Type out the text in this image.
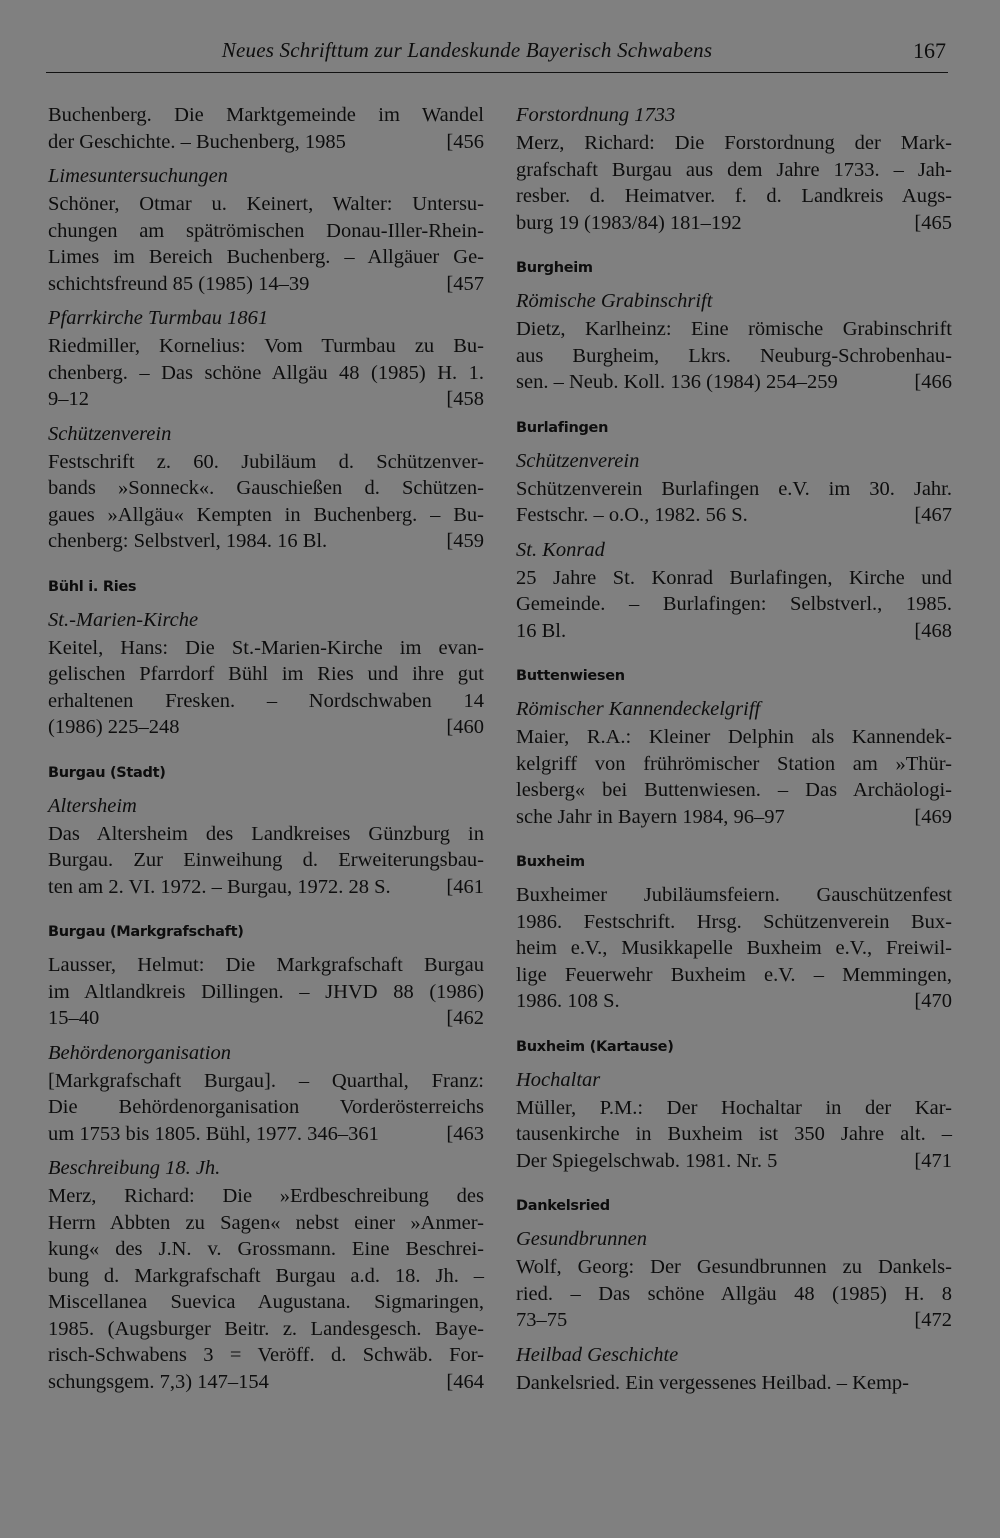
Neues Schrifttum zur Landeskunde Bayerisch Schwabens	167
Buchenberg. Die Marktgemeinde im Wandel
der Geschichte. – Buchenberg, 1985	[456
Limesuntersuchungen
Schöner, Otmar u. Keinert, Walter: Untersu-
chungen am spätrömischen Donau-Iller-Rhein-
Limes im Bereich Buchenberg. – Allgäuer Ge-
schichtsfreund 85 (1985) 14–39	[457
Pfarrkirche Turmbau 1861
Riedmiller, Kornelius: Vom Turmbau zu Bu-
chenberg. – Das schöne Allgäu 48 (1985) H. 1.
9–12	[458
Schützenverein
Festschrift z. 60. Jubiläum d. Schützenver-
bands »Sonneck«. Gauschießen d. Schützen-
gaues »Allgäu« Kempten in Buchenberg. – Bu-
chenberg: Selbstverl, 1984. 16 Bl.	[459
Bühl i. Ries
St.-Marien-Kirche
Keitel, Hans: Die St.-Marien-Kirche im evan-
gelischen Pfarrdorf Bühl im Ries und ihre gut
erhaltenen Fresken. – Nordschwaben 14
(1986) 225–248	[460
Burgau (Stadt)
Altersheim
Das Altersheim des Landkreises Günzburg in
Burgau. Zur Einweihung d. Erweiterungsbau-
ten am 2. VI. 1972. – Burgau, 1972. 28 S.	[461
Burgau (Markgrafschaft)
Lausser, Helmut: Die Markgrafschaft Burgau
im Altlandkreis Dillingen. – JHVD 88 (1986)
15–40	[462
Behördenorganisation
[Markgrafschaft Burgau]. – Quarthal, Franz:
Die Behördenorganisation Vorderösterreichs
um 1753 bis 1805. Bühl, 1977. 346–361	[463
Beschreibung 18. Jh.
Merz, Richard: Die »Erdbeschreibung des
Herrn Abbten zu Sagen« nebst einer »Anmer-
kung« des J.N. v. Grossmann. Eine Beschrei-
bung d. Markgrafschaft Burgau a.d. 18. Jh. –
Miscellanea Suevica Augustana. Sigmaringen,
1985. (Augsburger Beitr. z. Landesgesch. Baye-
risch-Schwabens 3 = Veröff. d. Schwäb. For-
schungsgem. 7,3) 147–154	[464
Forstordnung 1733
Merz, Richard: Die Forstordnung der Mark-
grafschaft Burgau aus dem Jahre 1733. – Jah-
resber. d. Heimatver. f. d. Landkreis Augs-
burg 19 (1983/84) 181–192	[465
Burgheim
Römische Grabinschrift
Dietz, Karlheinz: Eine römische Grabinschrift
aus Burgheim, Lkrs. Neuburg-Schrobenhau-
sen. – Neub. Koll. 136 (1984) 254–259	[466
Burlafingen
Schützenverein
Schützenverein Burlafingen e.V. im 30. Jahr.
Festschr. – o.O., 1982. 56 S.	[467
St. Konrad
25 Jahre St. Konrad Burlafingen, Kirche und
Gemeinde. – Burlafingen: Selbstverl., 1985.
16 Bl.	[468
Buttenwiesen
Römischer Kannendeckelgriff
Maier, R.A.: Kleiner Delphin als Kannendek-
kelgriff von frührömischer Station am »Thür-
lesberg« bei Buttenwiesen. – Das Archäologi-
sche Jahr in Bayern 1984, 96–97	[469
Buxheim
Buxheimer Jubiläumsfeiern. Gauschützenfest
1986. Festschrift. Hrsg. Schützenverein Bux-
heim e.V., Musikkapelle Buxheim e.V., Freiwil-
lige Feuerwehr Buxheim e.V. – Memmingen,
1986. 108 S.	[470
Buxheim (Kartause)
Hochaltar
Müller, P.M.: Der Hochaltar in der Kar-
tausenkirche in Buxheim ist 350 Jahre alt. –
Der Spiegelschwab. 1981. Nr. 5	[471
Dankelsried
Gesundbrunnen
Wolf, Georg: Der Gesundbrunnen zu Dankels-
ried. – Das schöne Allgäu 48 (1985) H. 8
73–75	[472
Heilbad Geschichte
Dankelsried. Ein vergessenes Heilbad. – Kemp-
